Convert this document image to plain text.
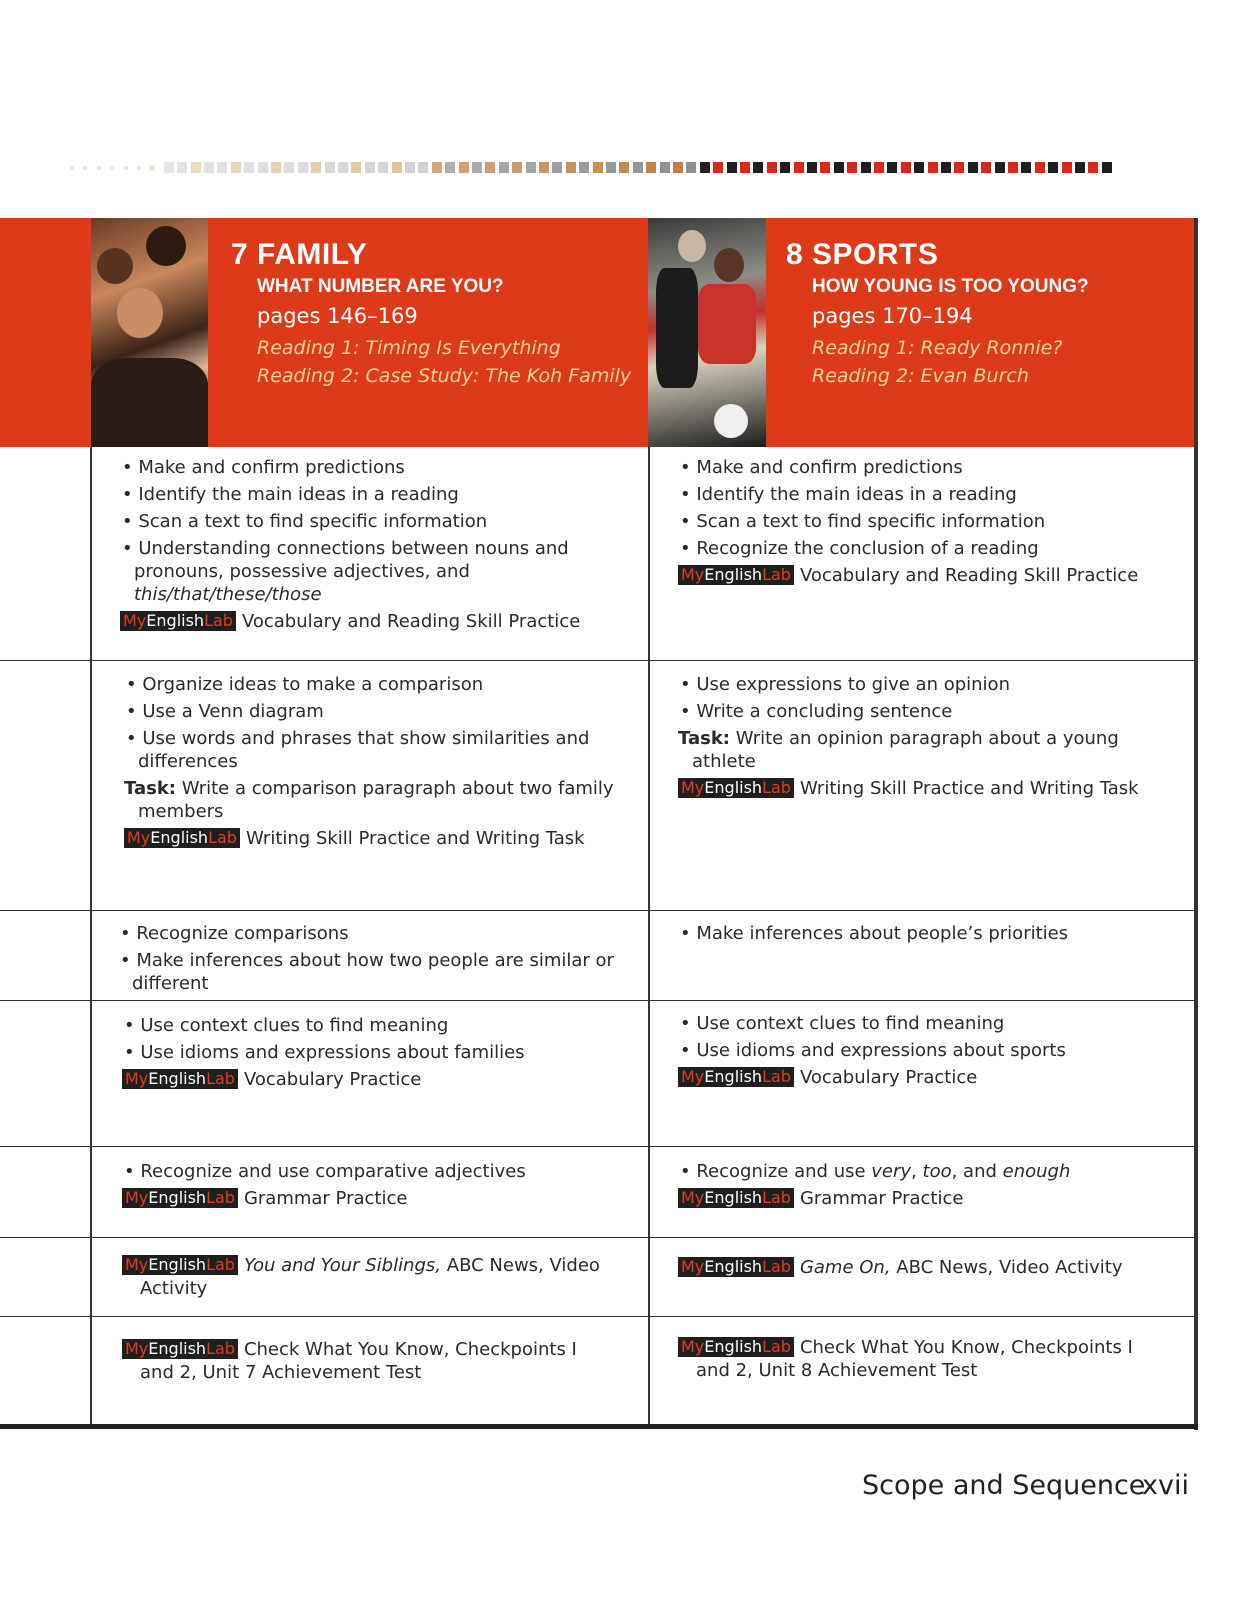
7 FAMILY
WHAT NUMBER ARE YOU?
pages 146–169
Reading 1: Timing Is Everything
Reading 2: Case Study: The Koh Family
8 SPORTS
HOW YOUNG IS TOO YOUNG?
pages 170–194
Reading 1: Ready Ronnie?
Reading 2: Evan Burch

• Make and confirm predictions

• Identify the main ideas in a reading

• Scan a text to find specific information

• Understanding connections between nouns and pronouns, possessive adjectives, and this/that/these/those

MyEnglishLab Vocabulary and Reading Skill Practice

• Make and confirm predictions

• Identify the main ideas in a reading

• Scan a text to find specific information

• Recognize the conclusion of a reading

MyEnglishLab Vocabulary and Reading Skill Practice

• Organize ideas to make a comparison

• Use a Venn diagram

• Use words and phrases that show similarities and differences

Task: Write a comparison paragraph about two family members

MyEnglishLab Writing Skill Practice and Writing Task

• Use expressions to give an opinion

• Write a concluding sentence

Task: Write an opinion paragraph about a young athlete

MyEnglishLab Writing Skill Practice and Writing Task

• Recognize comparisons

• Make inferences about how two people are similar or different

• Make inferences about people’s priorities

• Use context clues to find meaning

• Use idioms and expressions about families

MyEnglishLab Vocabulary Practice

• Use context clues to find meaning

• Use idioms and expressions about sports

MyEnglishLab Vocabulary Practice

• Recognize and use comparative adjectives

MyEnglishLab Grammar Practice

• Recognize and use very, too, and enough

MyEnglishLab Grammar Practice
MyEnglishLab You and Your Siblings, ABC News, Video Activity
MyEnglishLab Game On, ABC News, Video Activity
MyEnglishLab Check What You Know, Checkpoints I and 2, Unit 7 Achievement Test
MyEnglishLab Check What You Know, Checkpoints I and 2, Unit 8 Achievement Test
Scope and Sequence
xvii
